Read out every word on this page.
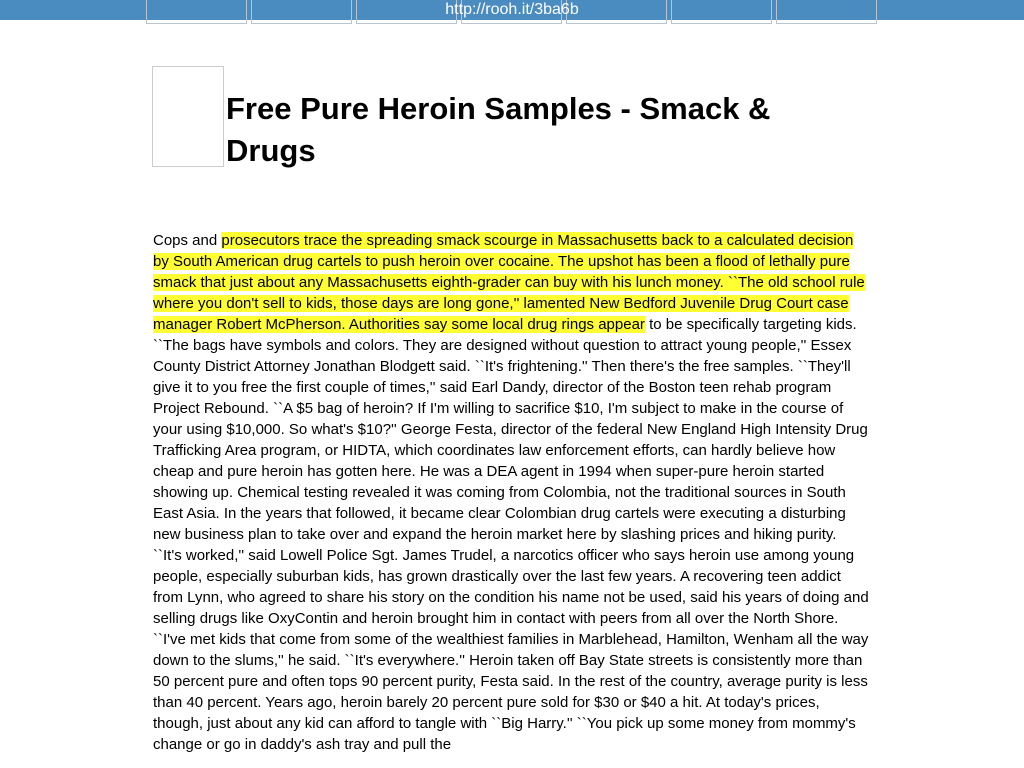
http://rooh.it/3ba6b
Free Pure Heroin Samples - Smack & Drugs

Cops and prosecutors trace the spreading smack scourge in Massachusetts back to a calculated decision by South American drug cartels to push heroin over cocaine. The upshot has been a flood of lethally pure smack that just about any Massachusetts eighth-grader can buy with his lunch money. ``The old school rule where you don't sell to kids, those days are long gone,'' lamented New Bedford Juvenile Drug Court case manager Robert McPherson. Authorities say some local drug rings appear to be specifically targeting kids. ``The bags have symbols and colors. They are designed without question to attract young people,'' Essex County District Attorney Jonathan Blodgett said. ``It's frightening.'' Then there's the free samples. ``They'll give it to you free the first couple of times,'' said Earl Dandy, director of the Boston teen rehab program Project Rebound. ``A $5 bag of heroin? If I'm willing to sacrifice $10, I'm subject to make in the course of your using $10,000. So what's $10?'' George Festa, director of the federal New England High Intensity Drug Trafficking Area program, or HIDTA, which coordinates law enforcement efforts, can hardly believe how cheap and pure heroin has gotten here. He was a DEA agent in 1994 when super-pure heroin started showing up. Chemical testing revealed it was coming from Colombia, not the traditional sources in South East Asia. In the years that followed, it became clear Colombian drug cartels were executing a disturbing new business plan to take over and expand the heroin market here by slashing prices and hiking purity. ``It's worked,'' said Lowell Police Sgt. James Trudel, a narcotics officer who says heroin use among young people, especially suburban kids, has grown drastically over the last few years. A recovering teen addict from Lynn, who agreed to share his story on the condition his name not be used, said his years of doing and selling drugs like OxyContin and heroin brought him in contact with peers from all over the North Shore. ``I've met kids that come from some of the wealthiest families in Marblehead, Hamilton, Wenham all the way down to the slums,'' he said. ``It's everywhere.'' Heroin taken off Bay State streets is consistently more than 50 percent pure and often tops 90 percent purity, Festa said. In the rest of the country, average purity is less than 40 percent. Years ago, heroin barely 20 percent pure sold for $30 or $40 a hit. At today's prices, though, just about any kid can afford to tangle with ``Big Harry.'' ``You pick up some money from mommy's change or go in daddy's ash tray and pull the
